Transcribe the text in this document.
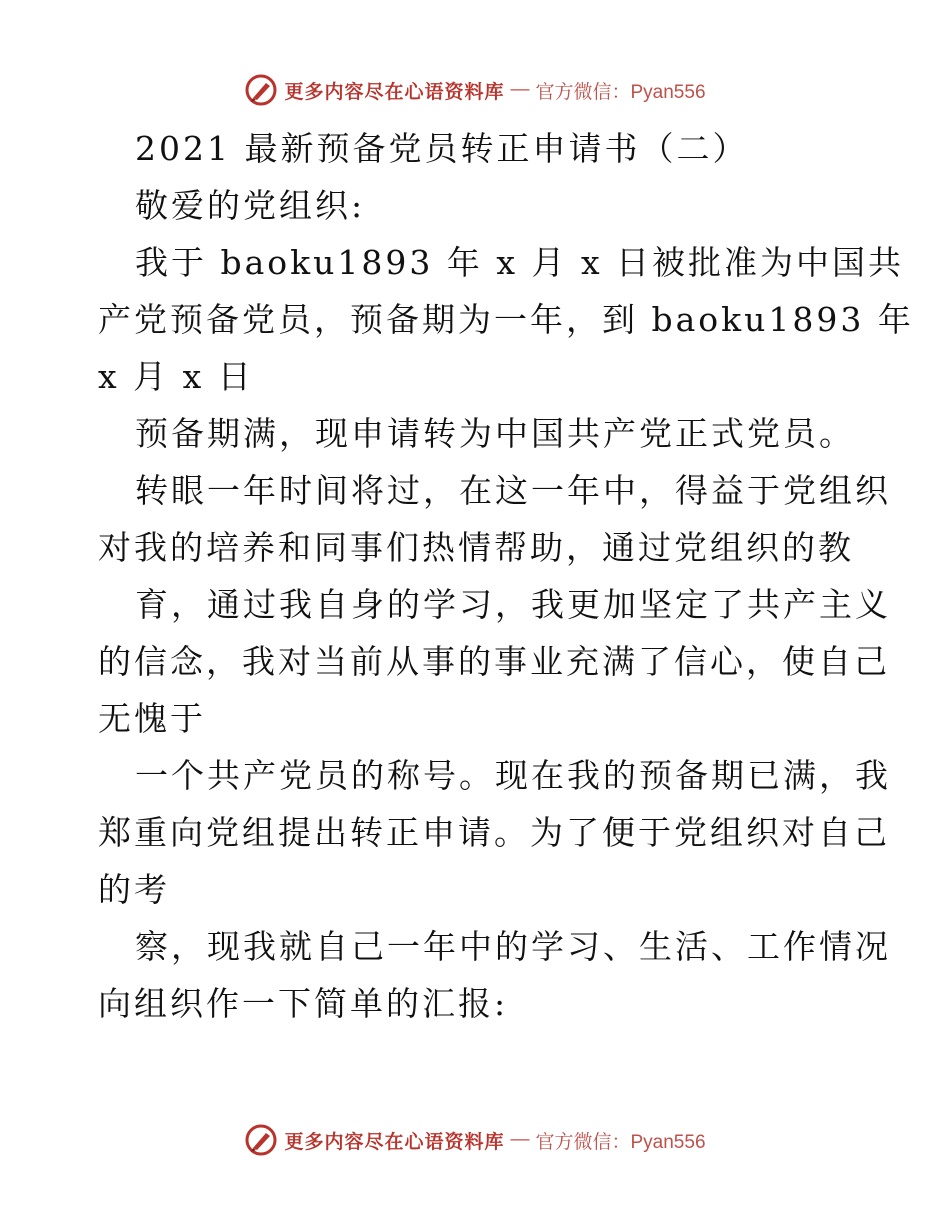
更多内容尽在心语资料库 — 官方微信：Pyan556
2021 最新预备党员转正申请书（二）
敬爱的党组织:
我于 baoku1893 年 x 月 x 日被批准为中国共
产党预备党员，预备期为一年，到 baoku1893 年
x 月 x 日
预备期满，现申请转为中国共产党正式党员。
转眼一年时间将过，在这一年中，得益于党组织
对我的培养和同事们热情帮助，通过党组织的教
育，通过我自身的学习，我更加坚定了共产主义
的信念，我对当前从事的事业充满了信心，使自己
无愧于
一个共产党员的称号。现在我的预备期已满，我
郑重向党组提出转正申请。为了便于党组织对自己
的考
察，现我就自己一年中的学习、生活、工作情况
向组织作一下简单的汇报:
更多内容尽在心语资料库 — 官方微信：Pyan556
